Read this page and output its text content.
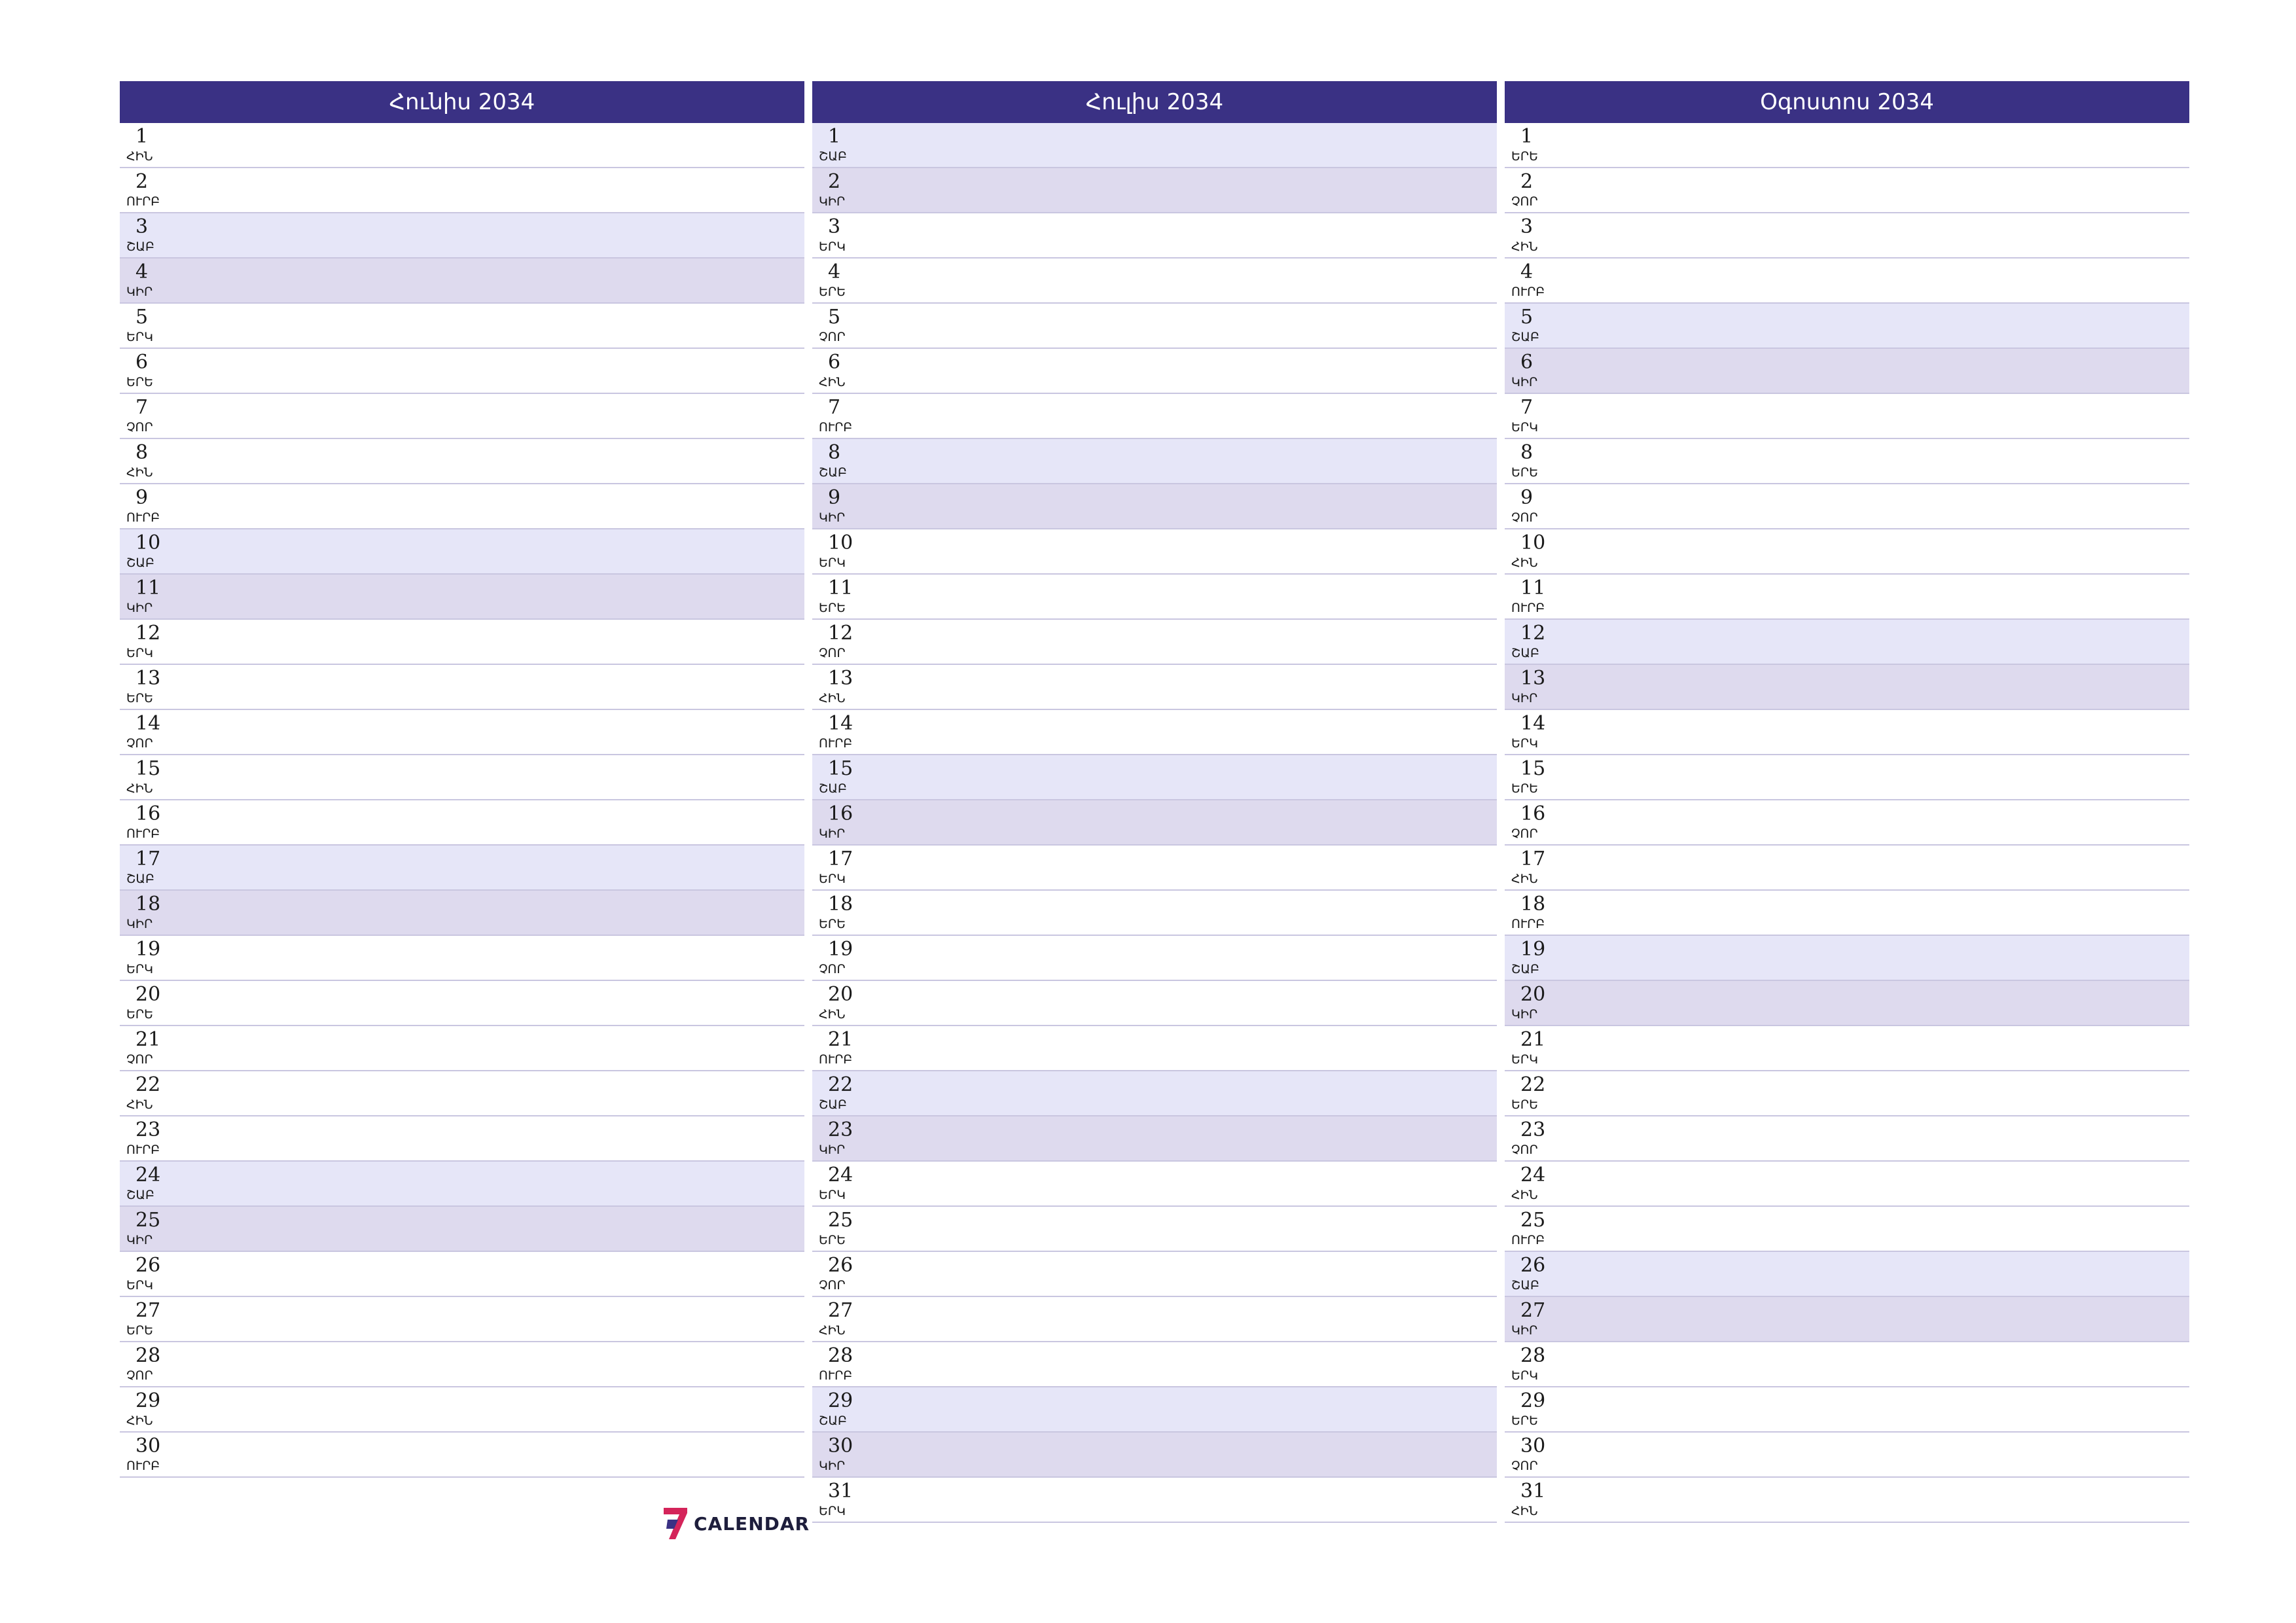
Հունիս 2034
1
ՀԻՆ
2
ՈՒՐԲ
3
ՇԱԲ
4
ԿԻՐ
5
ԵՐԿ
6
ԵՐԵ
7
ՉՈՐ
8
ՀԻՆ
9
ՈՒՐԲ
10
ՇԱԲ
11
ԿԻՐ
12
ԵՐԿ
13
ԵՐԵ
14
ՉՈՐ
15
ՀԻՆ
16
ՈՒՐԲ
17
ՇԱԲ
18
ԿԻՐ
19
ԵՐԿ
20
ԵՐԵ
21
ՉՈՐ
22
ՀԻՆ
23
ՈՒՐԲ
24
ՇԱԲ
25
ԿԻՐ
26
ԵՐԿ
27
ԵՐԵ
28
ՉՈՐ
29
ՀԻՆ
30
ՈՒՐԲ
Հուլիս 2034
1
ՇԱԲ
2
ԿԻՐ
3
ԵՐԿ
4
ԵՐԵ
5
ՉՈՐ
6
ՀԻՆ
7
ՈՒՐԲ
8
ՇԱԲ
9
ԿԻՐ
10
ԵՐԿ
11
ԵՐԵ
12
ՉՈՐ
13
ՀԻՆ
14
ՈՒՐԲ
15
ՇԱԲ
16
ԿԻՐ
17
ԵՐԿ
18
ԵՐԵ
19
ՉՈՐ
20
ՀԻՆ
21
ՈՒՐԲ
22
ՇԱԲ
23
ԿԻՐ
24
ԵՐԿ
25
ԵՐԵ
26
ՉՈՐ
27
ՀԻՆ
28
ՈՒՐԲ
29
ՇԱԲ
30
ԿԻՐ
31
ԵՐԿ
Օգոստոս 2034
1
ԵՐԵ
2
ՉՈՐ
3
ՀԻՆ
4
ՈՒՐԲ
5
ՇԱԲ
6
ԿԻՐ
7
ԵՐԿ
8
ԵՐԵ
9
ՉՈՐ
10
ՀԻՆ
11
ՈՒՐԲ
12
ՇԱԲ
13
ԿԻՐ
14
ԵՐԿ
15
ԵՐԵ
16
ՉՈՐ
17
ՀԻՆ
18
ՈՒՐԲ
19
ՇԱԲ
20
ԿԻՐ
21
ԵՐԿ
22
ԵՐԵ
23
ՉՈՐ
24
ՀԻՆ
25
ՈՒՐԲ
26
ՇԱԲ
27
ԿԻՐ
28
ԵՐԿ
29
ԵՐԵ
30
ՉՈՐ
31
ՀԻՆ
CALENDAR
